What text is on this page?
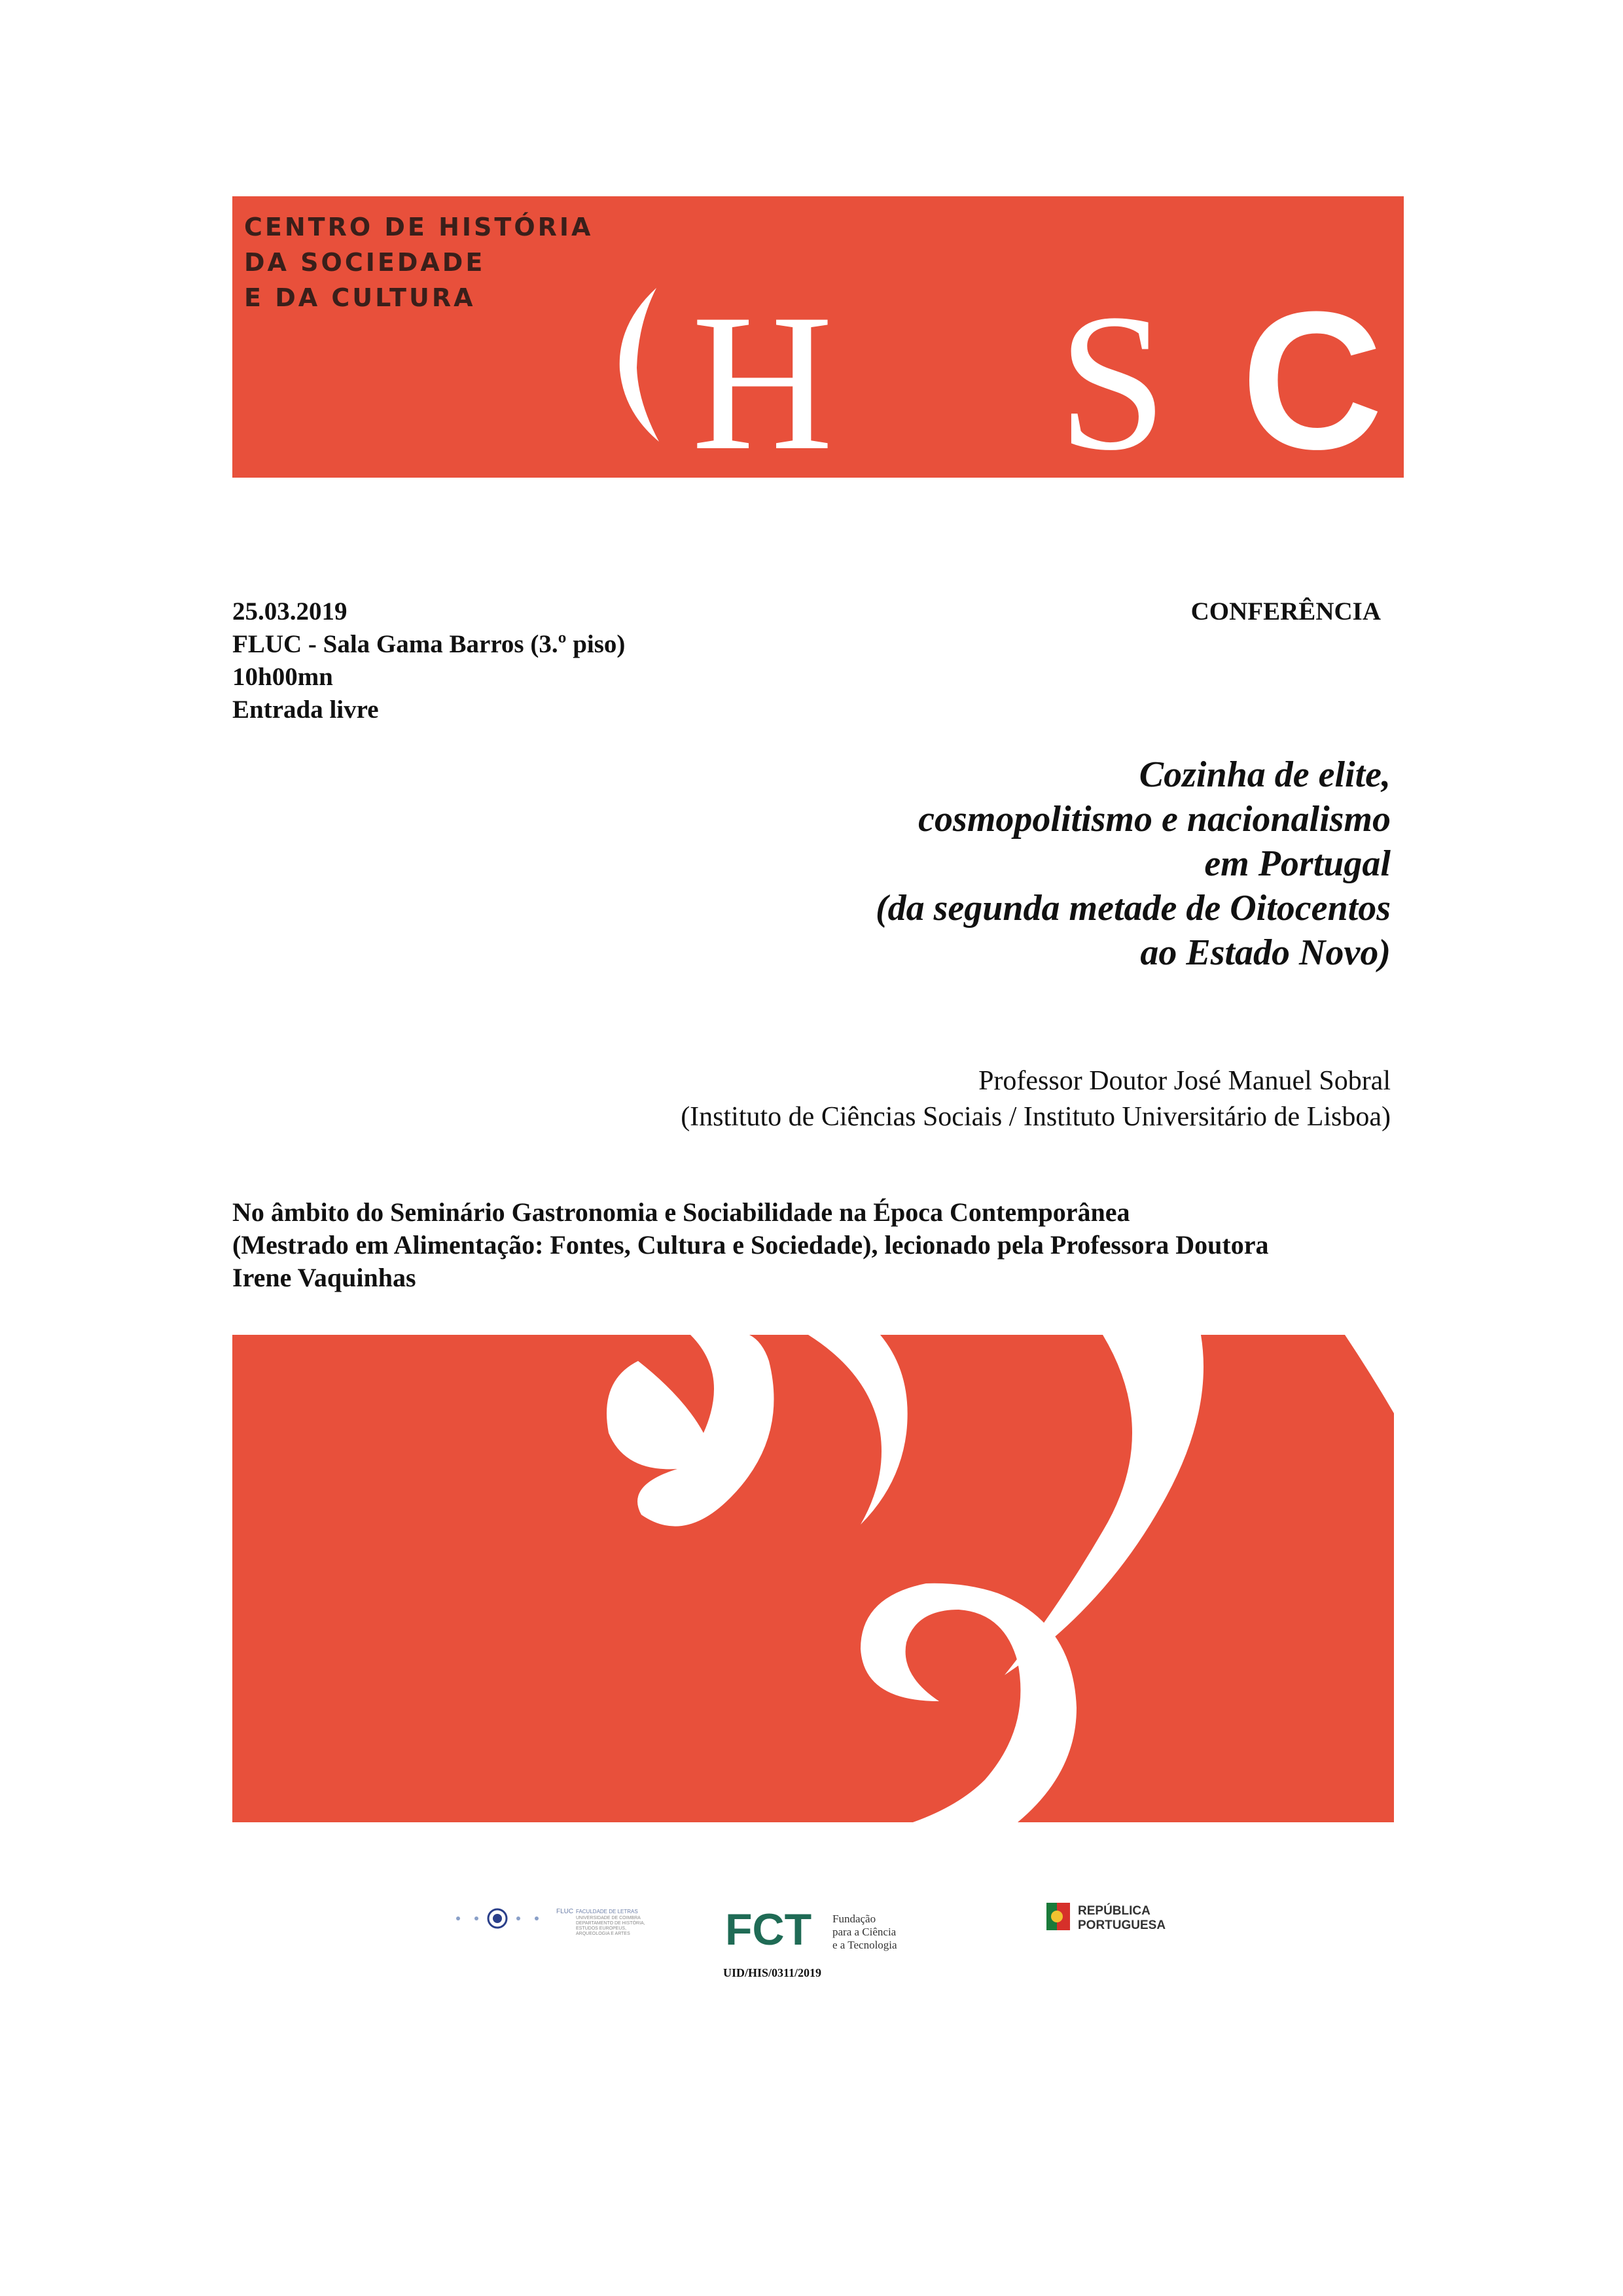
CENTRO DE HISTÓRIA
DA SOCIEDADE
E DA CULTURA	H S C
25.03.2019
FLUC - Sala Gama Barros (3.º piso)
10h00mn
Entrada livre
CONFERÊNCIA
Cozinha de elite,
cosmopolitismo e nacionalismo
em Portugal
(da segunda metade de Oitocentos
ao Estado Novo)
Professor Doutor José Manuel Sobral
(Instituto de Ciências Sociais / Instituto Universitário de Lisboa)
No âmbito do Seminário Gastronomia e Sociabilidade na Época Contemporânea
(Mestrado em Alimentação: Fontes, Cultura e Sociedade), lecionado pela Professora Doutora
Irene Vaquinhas
FLUC FACULDADE DE LETRAS
UNIVERSIDADE DE COIMBRA
DEPARTAMENTO DE HISTÓRIA,
ESTUDOS EUROPEUS,
ARQUEOLOGIA E ARTES FCT Fundação
para a Ciência
e a Tecnologia
REPÚBLICA
PORTUGUESA
UID/HIS/0311/2019
